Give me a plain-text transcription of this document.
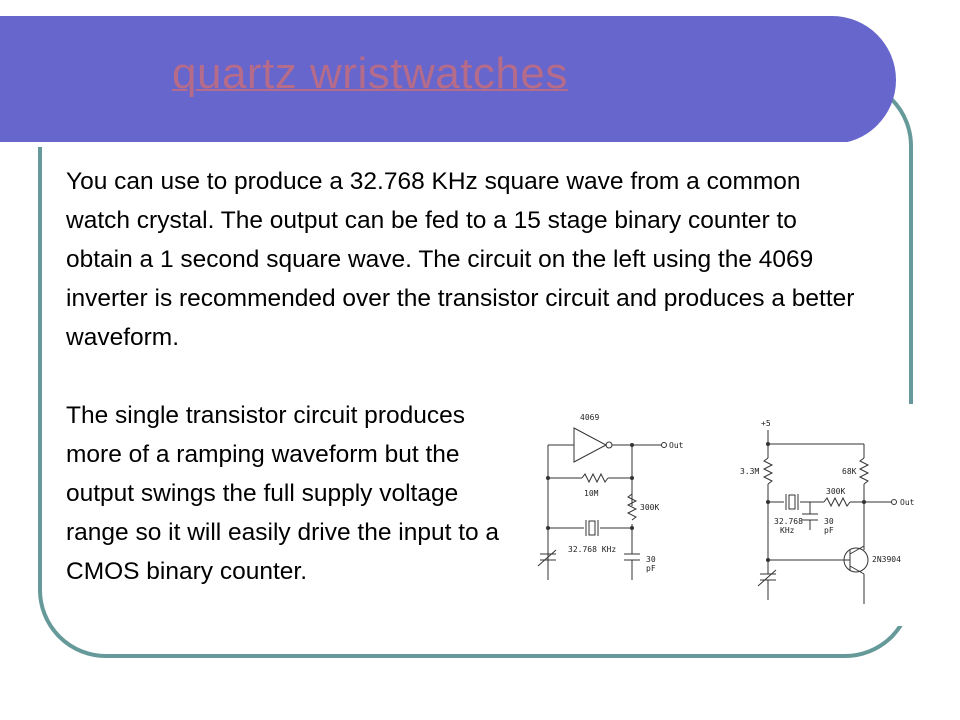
quartz wristwatches

You can use to produce a 32.768 KHz square wave from a common watch crystal. The output can be fed to a 15 stage binary counter to obtain a 1 second square wave. The circuit on the left using the 4069 inverter is recommended over the transistor circuit and produces a better waveform.

The single transistor circuit produces more of a ramping waveform but the output swings the full supply voltage range so it will easily drive the input to a CMOS binary counter.

4069
Out
10M
300K
32.768 KHz
30
pF
+5
3.3M	68K
300K
Out
32.768
KHz
30
pF
2N3904
